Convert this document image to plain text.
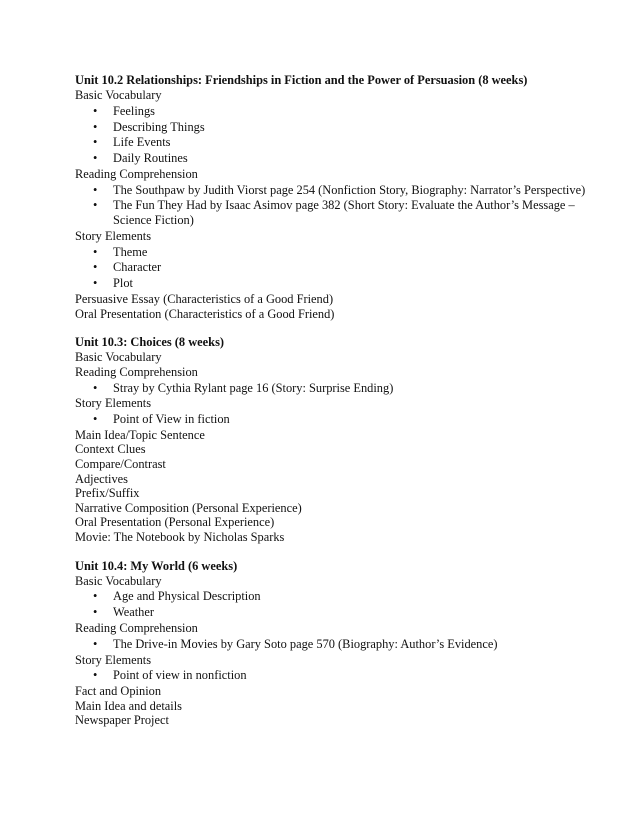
Unit 10.2 Relationships: Friendships in Fiction and the Power of Persuasion (8 weeks)
Basic Vocabulary
• Feelings
• Describing Things
• Life Events
• Daily Routines
Reading Comprehension
• The Southpaw by Judith Viorst page 254 (Nonfiction Story, Biography: Narrator’s Perspective)
• The Fun They Had by Isaac Asimov page 382 (Short Story: Evaluate the Author’s Message – Science Fiction)
Story Elements
• Theme
• Character
• Plot
Persuasive Essay (Characteristics of a Good Friend)
Oral Presentation (Characteristics of a Good Friend)
Unit 10.3: Choices (8 weeks)
Basic Vocabulary
Reading Comprehension
• Stray by Cythia Rylant page 16 (Story: Surprise Ending)
Story Elements
• Point of View in fiction
Main Idea/Topic Sentence
Context Clues
Compare/Contrast
Adjectives
Prefix/Suffix
Narrative Composition (Personal Experience)
Oral Presentation (Personal Experience)
Movie: The Notebook by Nicholas Sparks
Unit 10.4: My World (6 weeks)
Basic Vocabulary
• Age and Physical Description
• Weather
Reading Comprehension
• The Drive-in Movies by Gary Soto page 570 (Biography: Author’s Evidence)
Story Elements
• Point of view in nonfiction
Fact and Opinion
Main Idea and details
Newspaper Project
